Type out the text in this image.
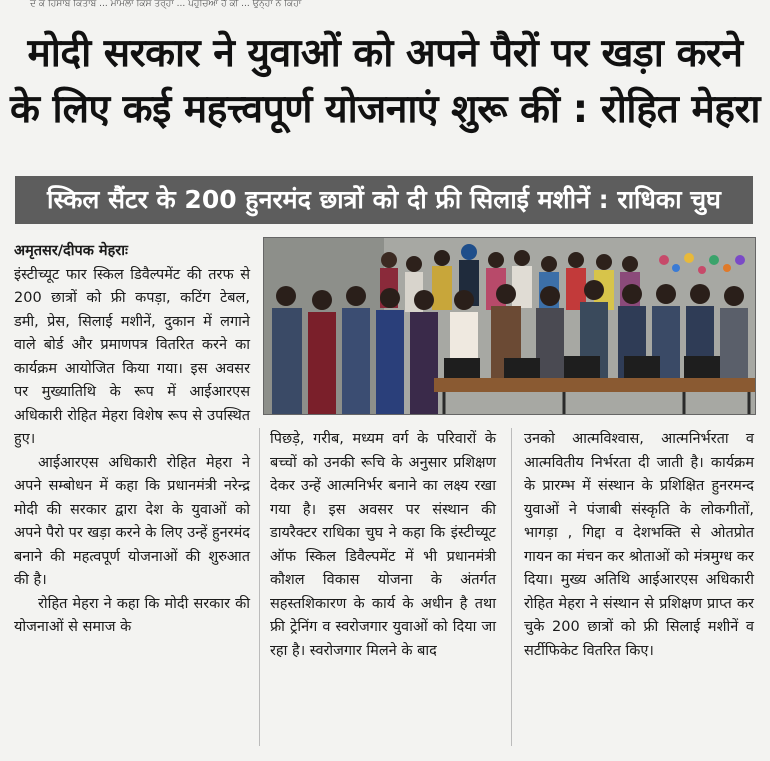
ਦੋ ਕੋ ਹਿਸਾਬ ਕਿਤਾਬ ... ਮਾਮਲਾ ਕਿਸ ਤਰ੍ਹਾਂ ... ਪਹੁੰਚਿਆ ਹੈ ਕੀ ... ਉਨ੍ਹਾਂ ਨੇ ਕਿਹਾ
मोदी सरकार ने युवाओं को अपने पैरों पर खड़ा करने
के लिए कई महत्त्वपूर्ण योजनाएं शुरू कीं : रोहित मेहरा
स्किल सैंटर के 200 हुनरमंद छात्रों को दी फ्री सिलाई मशीनें : राधिका चुघ

अमृतसर/दीपक मेहराः

इंस्टीच्यूट फार स्किल डिवैल्पमेंट की तरफ से 200 छात्रों को फ्री कपड़ा, कटिंग टेबल, डमी, प्रेस, सिलाई मशीनें, दुकान में लगाने वाले बोर्ड और प्रमाणपत्र वितरित करने का कार्यक्रम आयोजित किया गया। इस अवसर पर मुख्यातिथि के रूप में आईआरएस अधिकारी रोहित मेहरा विशेष रूप से उपस्थित हुए।

आईआरएस अधिकारी रोहित मेहरा ने अपने सम्बोधन में कहा कि प्रधानमंत्री नरेन्द्र मोदी की सरकार द्वारा देश के युवाओं को अपने पैरो पर खड़ा करने के लिए उन्हें हुनरमंद बनाने की महत्वपूर्ण योजनाओं की शुरुआत की है।

रोहित मेहरा ने कहा कि मोदी सरकार की योजनाओं से समाज के

पिछड़े, गरीब, मध्यम वर्ग के परिवारों के बच्चों को उनकी रूचि के अनुसार प्रशिक्षण देकर उन्हें आत्मनिर्भर बनाने का लक्ष्य रखा गया है। इस अवसर पर संस्थान की डायरैक्टर राधिका चुघ ने कहा कि इंस्टीच्यूट ऑफ स्किल डिवैल्पमेंट में भी प्रधानमंत्री कौशल विकास योजना के अंतर्गत सहस्तशिकारण के कार्य के अधीन है तथा फ्री ट्रेनिंग व स्वरोजगार युवाओं को दिया जा रहा है। स्वरोजगार मिलने के बाद

उनको आत्मविश्वास, आत्मनिर्भरता व आत्मवितीय निर्भरता दी जाती है। कार्यक्रम के प्रारम्भ में संस्थान के प्रशिक्षित हुनरमन्द युवाओं ने पंजाबी संस्कृति के लोकगीतों, भागड़ा , गिद्दा व देशभक्ति से ओतप्रोत गायन का मंचन कर श्रोताओं को मंत्रमुग्ध कर दिया। मुख्य अतिथि आईआरएस अधिकारी रोहित मेहरा ने संस्थान से प्रशिक्षण प्राप्त कर चुके 200 छात्रों को फ्री सिलाई मशीनें व सर्टीफिकेट वितरित किए।
